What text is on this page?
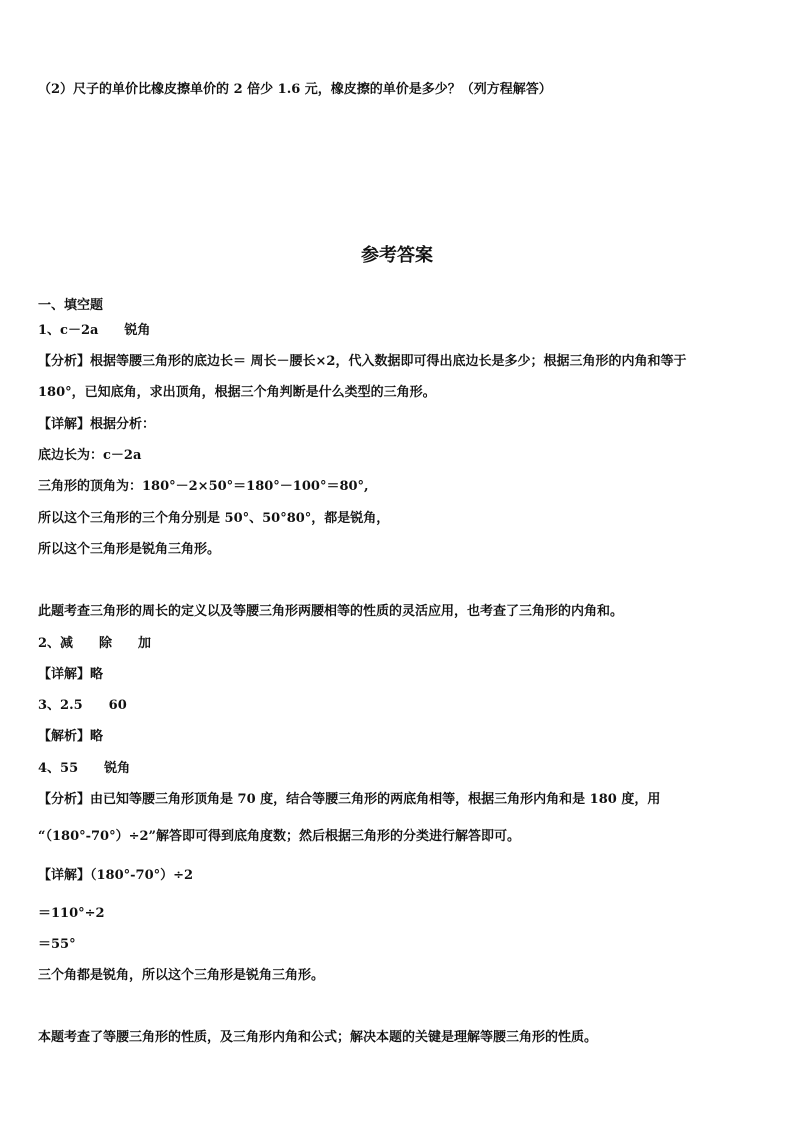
（2）尺子的单价比橡皮擦单价的 2 倍少 1.6 元，橡皮擦的单价是多少？（列方程解答）
参考答案
一、填空题
1、c－2a　　锐角
【分析】根据等腰三角形的底边长＝ 周长－腰长×2，代入数据即可得出底边长是多少；根据三角形的内角和等于
180°，已知底角，求出顶角，根据三个角判断是什么类型的三角形。
【详解】根据分析：
底边长为：c－2a
三角形的顶角为：180°－2×50°＝180°－100°＝80°,
所以这个三角形的三个角分别是 50°、50°80°，都是锐角，
所以这个三角形是锐角三角形。
此题考查三角形的周长的定义以及等腰三角形两腰相等的性质的灵活应用，也考查了三角形的内角和。
2、减　　除　　加
【详解】略
3、2.5　　60
【解析】略
4、55　　锐角
【分析】由已知等腰三角形顶角是 70 度，结合等腰三角形的两底角相等，根据三角形内角和是 180 度，用
“（180°-70°）÷2”解答即可得到底角度数；然后根据三角形的分类进行解答即可。
【详解】（180°-70°）÷2
＝110°÷2
＝55°
三个角都是锐角，所以这个三角形是锐角三角形。
本题考查了等腰三角形的性质，及三角形内角和公式；解决本题的关键是理解等腰三角形的性质。
